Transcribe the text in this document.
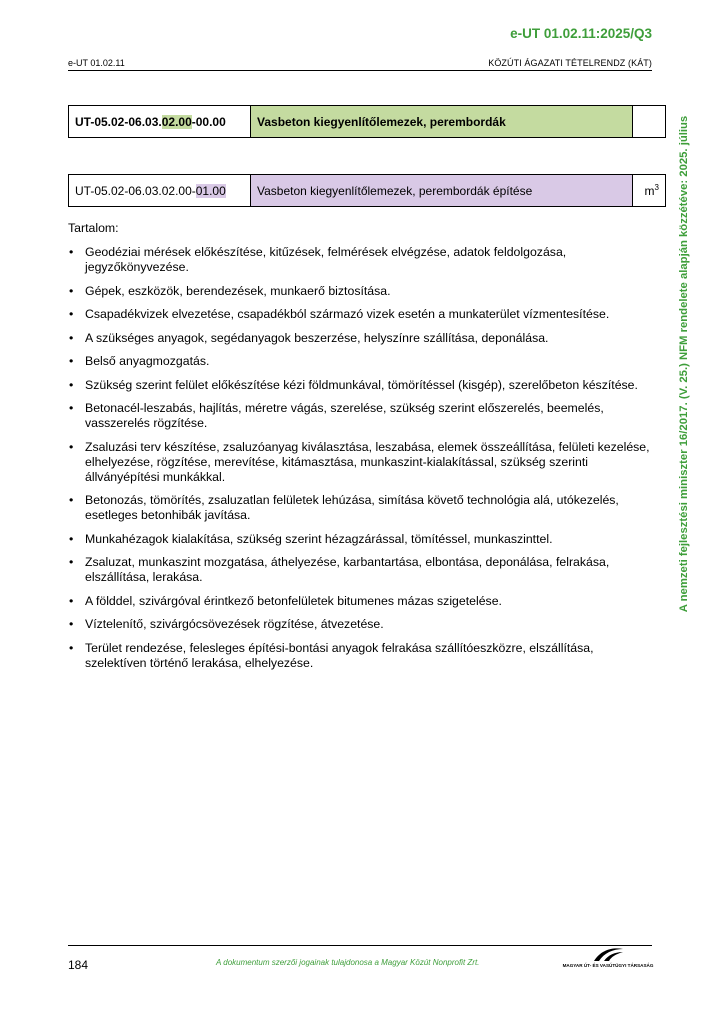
e-UT 01.02.11:2025/Q3
e-UT 01.02.11	KÖZÚTI ÁGAZATI TÉTELRENDZ (KÁT)
UT-05.02-06.03.02.00-00.00	Vasbeton kiegyenlítőlemezek, perembordák	
UT-05.02-06.03.02.00-01.00	Vasbeton kiegyenlítőlemezek, perembordák építése	$m^3$
Tartalom:
• Geodéziai mérések előkészítése, kitűzések, felmérések elvégzése, adatok feldolgozása, jegyzőkönyvezése.
• Gépek, eszközök, berendezések, munkaerő biztosítása.
• Csapadékvizek elvezetése, csapadékból származó vizek esetén a munkaterület vízmentesítése.
• A szükséges anyagok, segédanyagok beszerzése, helyszínre szállítása, deponálása.
• Belső anyagmozgatás.
• Szükség szerint felület előkészítése kézi földmunkával, tömörítéssel (kisgép), szerelőbeton készítése.
• Betonacél-leszabás, hajlítás, méretre vágás, szerelése, szükség szerint előszerelés, beemelés, vasszerelés rögzítése.
• Zsaluzási terv készítése, zsaluzóanyag kiválasztása, leszabása, elemek összeállítása, felületi kezelése, elhelyezése, rögzítése, merevítése, kitámasztása, munkaszint-kialakítással, szükség szerinti állványépítési munkákkal.
• Betonozás, tömörítés, zsaluzatlan felületek lehúzása, simítása követő technológia alá, utókezelés, esetleges betonhibák javítása.
• Munkahézagok kialakítása, szükség szerint hézagzárással, tömítéssel, munkaszinttel.
• Zsaluzat, munkaszint mozgatása, áthelyezése, karbantartása, elbontása, deponálása, felrakása, elszállítása, lerakása.
• A földdel, szivárgóval érintkező betonfelületek bitumenes mázas szigetelése.
• Víztelenítő, szivárgócsövezések rögzítése, átvezetése.
• Terület rendezése, felesleges építési-bontási anyagok felrakása szállítóeszközre, elszállítása, szelektíven történő lerakása, elhelyezése.
A nemzeti fejlesztési miniszter 16/2017. (V. 25.) NFM rendelete alapján közzétéve: 2025. július
184	A dokumentum szerzői jogainak tulajdonosa a Magyar Közút Nonprofit Zrt.	MAGYAR ÚT- ÉS VASÚTÜGYI TÁRSASÁG
